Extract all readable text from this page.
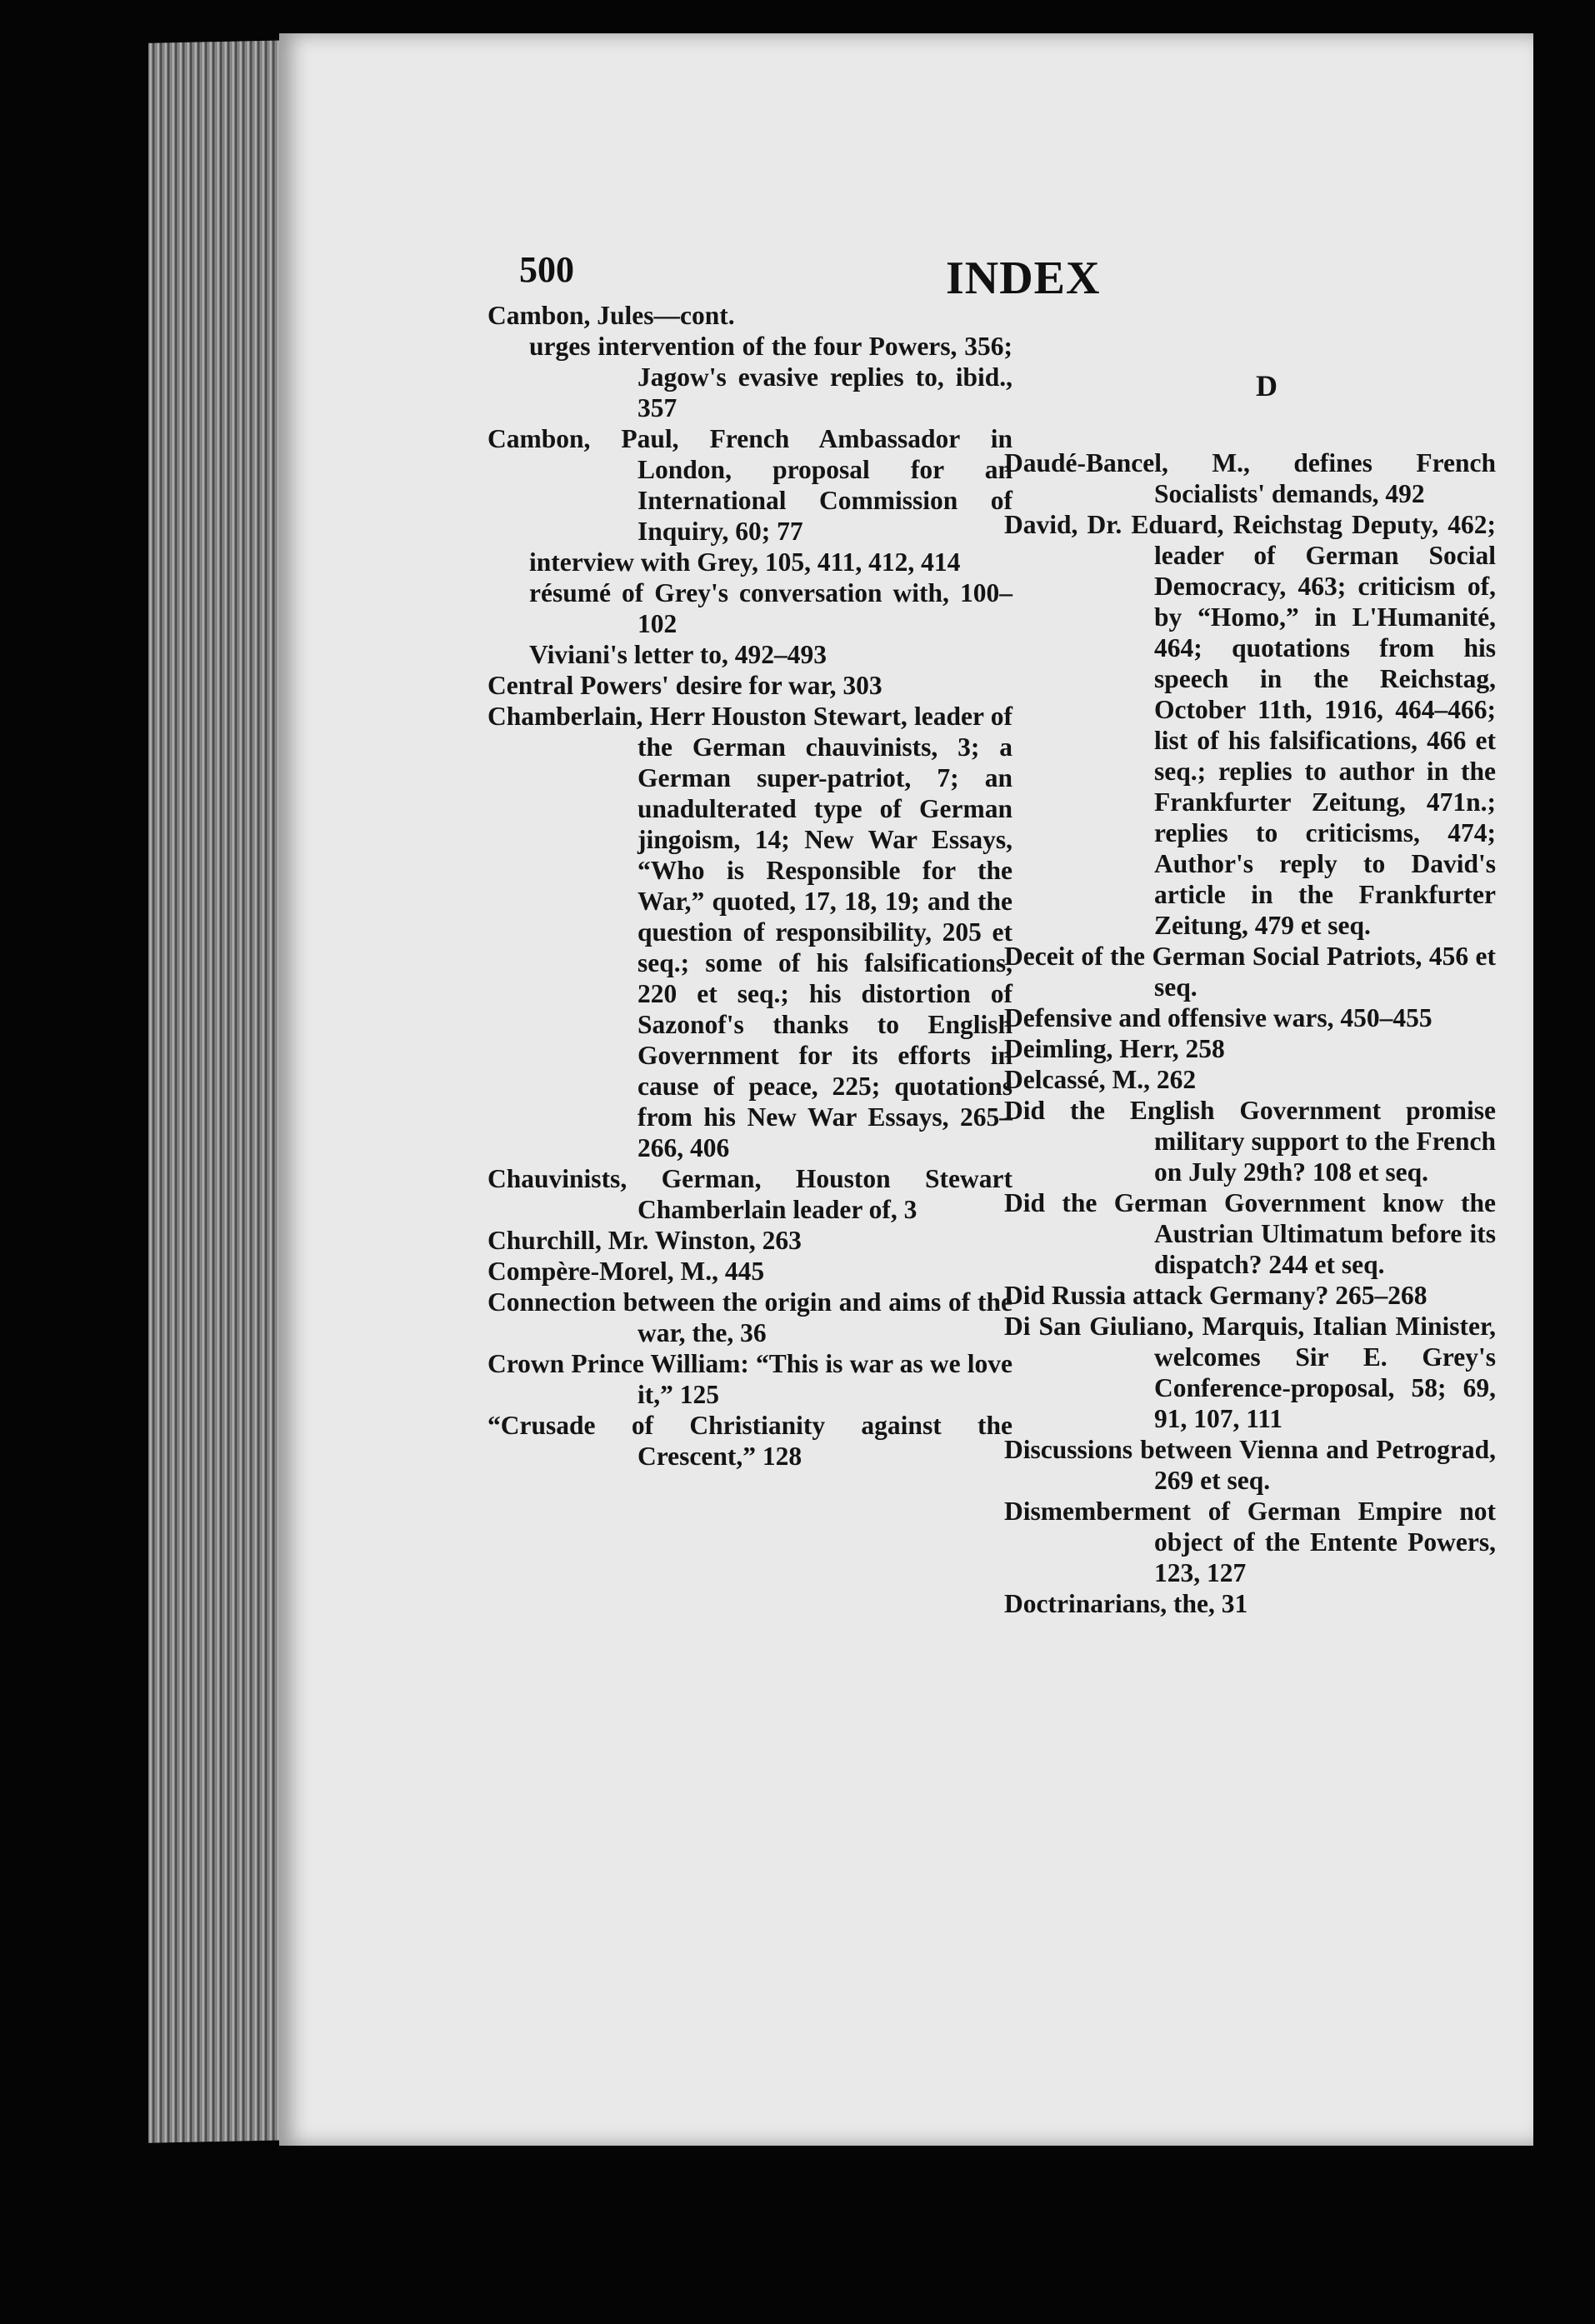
500	INDEX
Cambon, Jules—cont.
urges intervention of the four Powers, 356; Jagow's evasive replies to, ibid., 357
Cambon, Paul, French Ambassador in London, proposal for an International Commission of Inquiry, 60; 77
interview with Grey, 105, 411, 412, 414
résumé of Grey's conversation with, 100–102
Viviani's letter to, 492–493
Central Powers' desire for war, 303
Chamberlain, Herr Houston Stewart, leader of the German chauvinists, 3; a German super-patriot, 7; an unadulterated type of German jingoism, 14; New War Essays, “Who is Responsible for the War,” quoted, 17, 18, 19; and the question of responsibility, 205 et seq.; some of his falsifications, 220 et seq.; his distortion of Sazonof's thanks to English Government for its efforts in cause of peace, 225; quotations from his New War Essays, 265–266, 406
Chauvinists, German, Houston Stewart Chamberlain leader of, 3
Churchill, Mr. Winston, 263
Compère-Morel, M., 445
Connection between the origin and aims of the war, the, 36
Crown Prince William: “This is war as we love it,” 125
“Crusade of Christianity against the Crescent,” 128
D
Daudé-Bancel, M., defines French Socialists' demands, 492
David, Dr. Eduard, Reichstag Deputy, 462; leader of German Social Democracy, 463; criticism of, by “Homo,” in L'Humanité, 464; quotations from his speech in the Reichstag, October 11th, 1916, 464–466; list of his falsifications, 466 et seq.; replies to author in the Frankfurter Zeitung, 471n.; replies to criticisms, 474; Author's reply to David's article in the Frankfurter Zeitung, 479 et seq.
Deceit of the German Social Patriots, 456 et seq.
Defensive and offensive wars, 450–455
Deimling, Herr, 258
Delcassé, M., 262
Did the English Government promise military support to the French on July 29th? 108 et seq.
Did the German Government know the Austrian Ultimatum before its dispatch? 244 et seq.
Did Russia attack Germany? 265–268
Di San Giuliano, Marquis, Italian Minister, welcomes Sir E. Grey's Conference-proposal, 58; 69, 91, 107, 111
Discussions between Vienna and Petrograd, 269 et seq.
Dismemberment of German Empire not object of the Entente Powers, 123, 127
Doctrinarians, the, 31
